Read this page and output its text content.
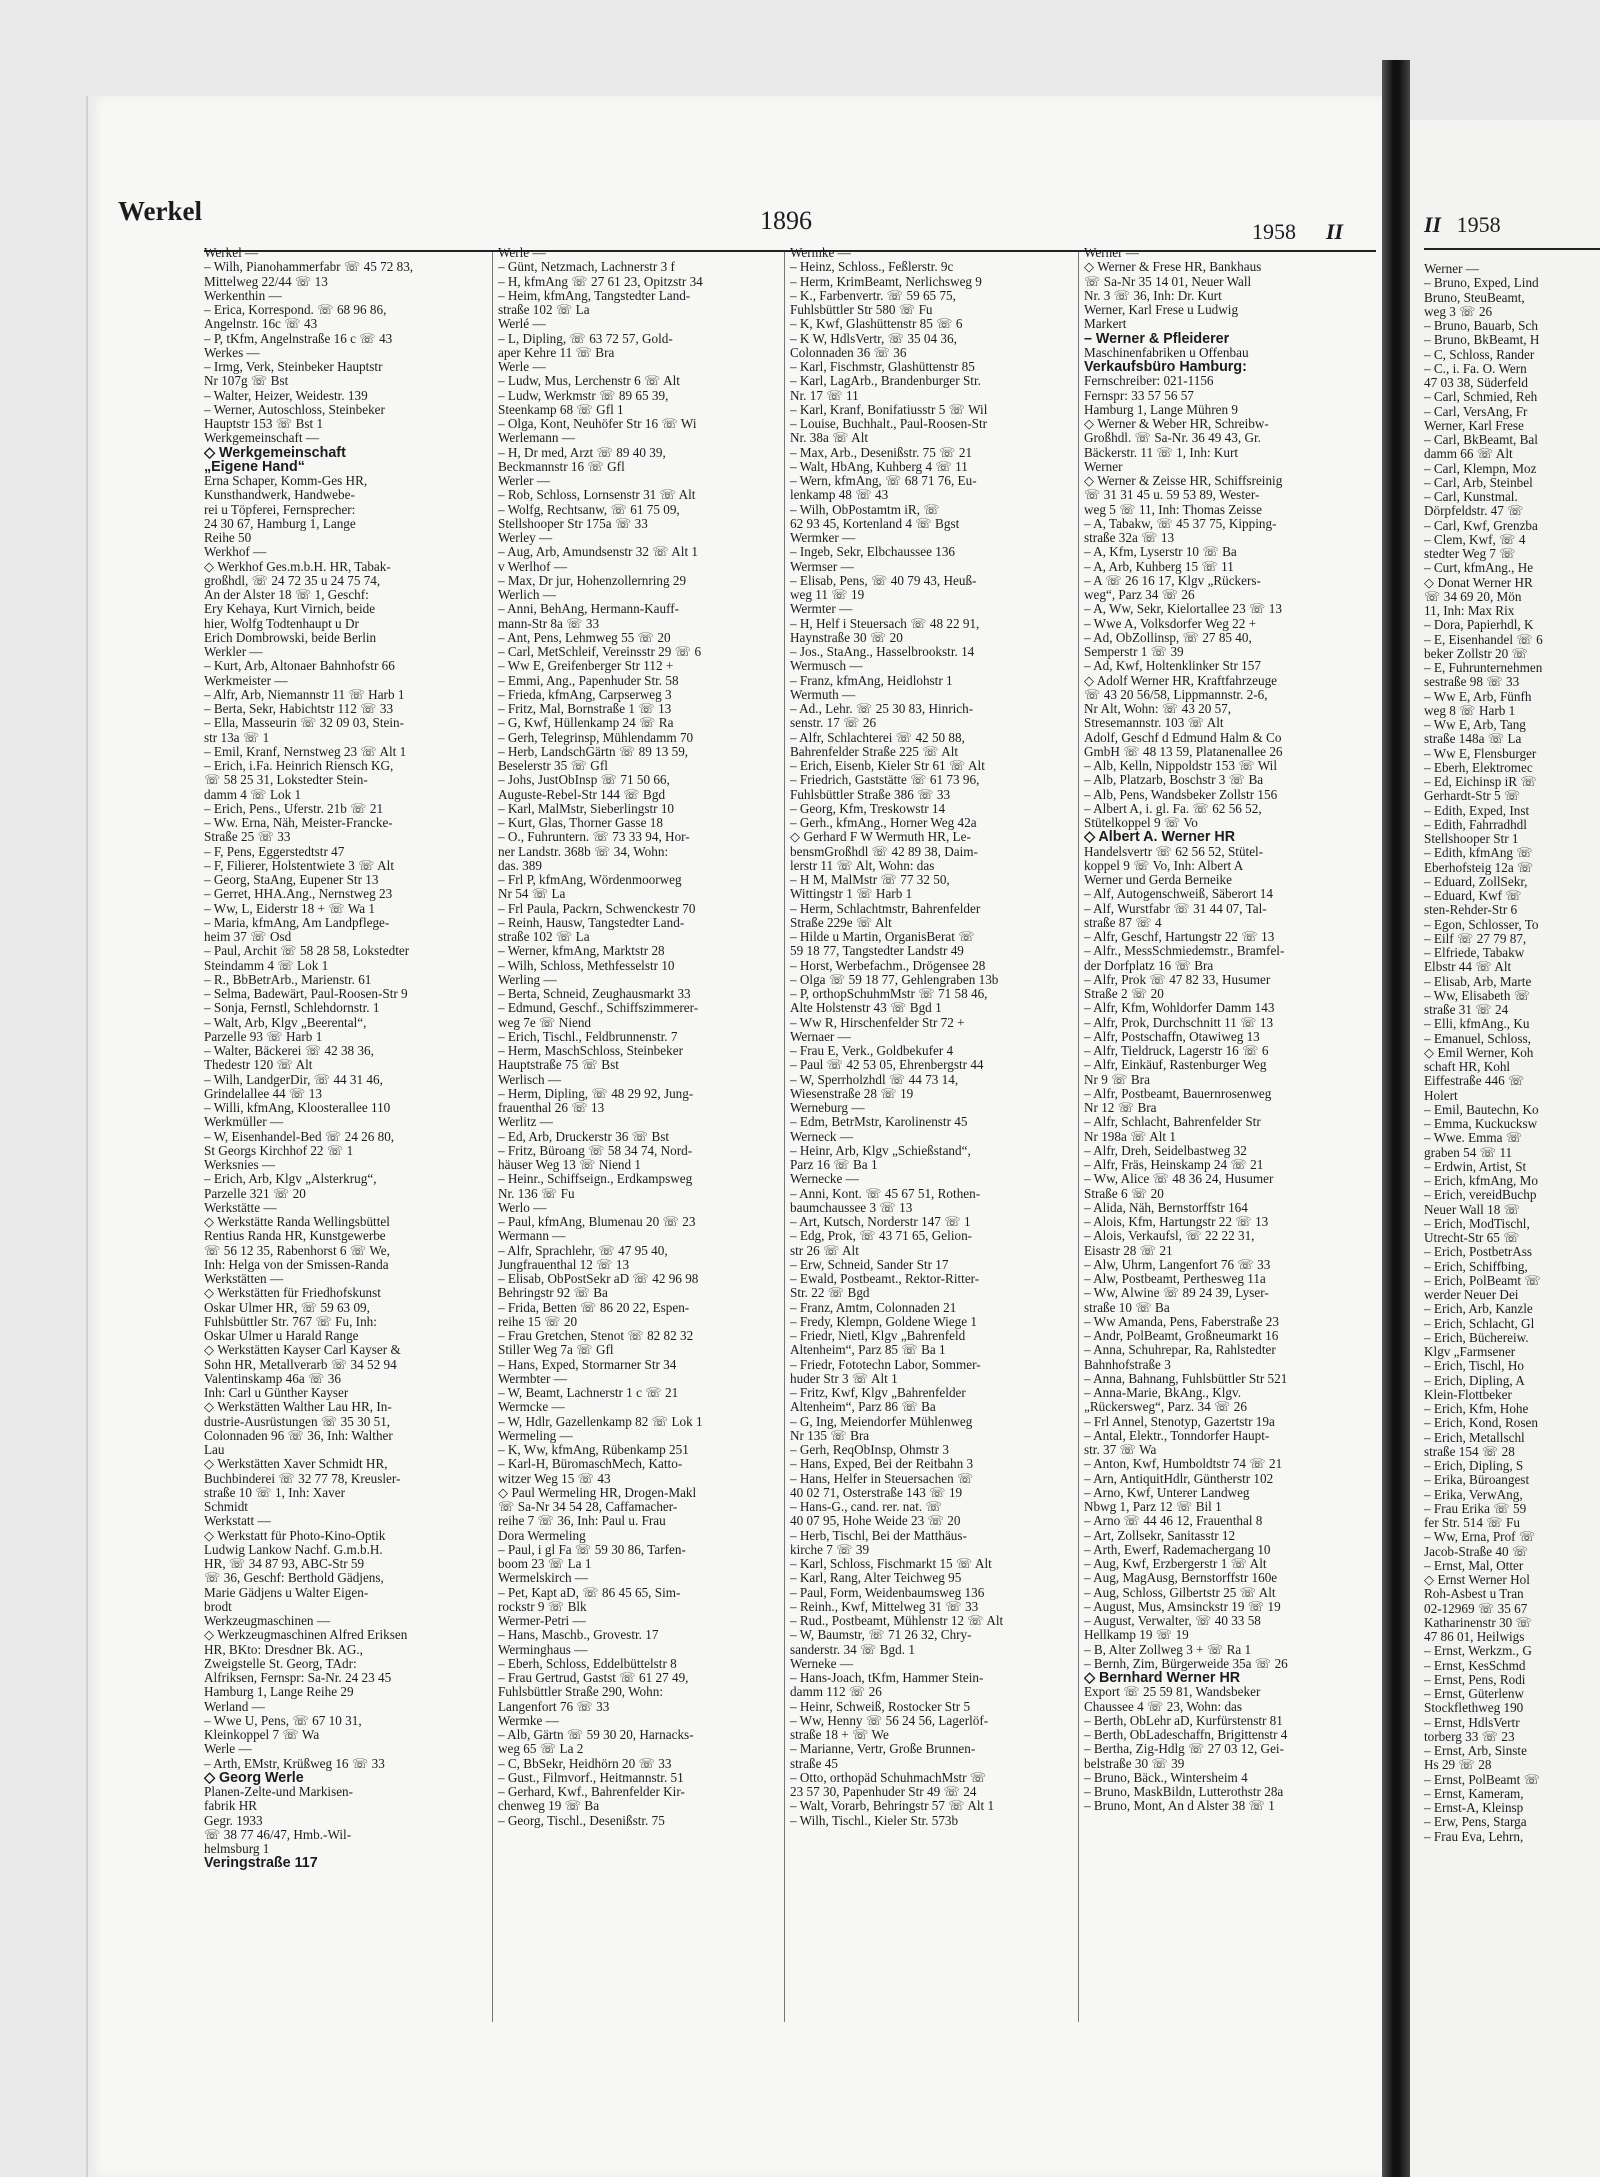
Werkel	1896	1958 II
Werkel —
– Wilh, Pianohammerfabr ☏ 45 72 83,
Mittelweg 22/44 ☏ 13
Werkenthin —
– Erica, Korrespond. ☏ 68 96 86,
Angelnstr. 16c ☏ 43
– P, tKfm, Angelnstraße 16 c ☏ 43
Werkes —
– Irmg, Verk, Steinbeker Hauptstr
Nr 107g ☏ Bst
– Walter, Heizer, Weidestr. 139
– Werner, Autoschloss, Steinbeker
Hauptstr 153 ☏ Bst 1
Werkgemeinschaft —
◇ Werkgemeinschaft
„Eigene Hand“
Erna Schaper, Komm-Ges HR,
Kunsthandwerk, Handwebe-
rei u Töpferei, Fernsprecher:
24 30 67, Hamburg 1, Lange
Reihe 50
Werkhof —
◇ Werkhof Ges.m.b.H. HR, Tabak-
großhdl, ☏ 24 72 35 u 24 75 74,
An der Alster 18 ☏ 1, Geschf:
Ery Kehaya, Kurt Virnich, beide
hier, Wolfg Todtenhaupt u Dr
Erich Dombrowski, beide Berlin
Werkler —
– Kurt, Arb, Altonaer Bahnhofstr 66
Werkmeister —
– Alfr, Arb, Niemannstr 11 ☏ Harb 1
– Berta, Sekr, Habichtstr 112 ☏ 33
– Ella, Masseurin ☏ 32 09 03, Stein-
str 13a ☏ 1
– Emil, Kranf, Nernstweg 23 ☏ Alt 1
– Erich, i.Fa. Heinrich Riensch KG,
☏ 58 25 31, Lokstedter Stein-
damm 4 ☏ Lok 1
– Erich, Pens., Uferstr. 21b ☏ 21
– Ww. Erna, Näh, Meister-Francke-
Straße 25 ☏ 33
– F, Pens, Eggerstedtstr 47
– F, Filierer, Holstentwiete 3 ☏ Alt
– Georg, StaAng, Eupener Str 13
– Gerret, HHA.Ang., Nernstweg 23
– Ww, L, Eiderstr 18 + ☏ Wa 1
– Maria, kfmAng, Am Landpflege-
heim 37 ☏ Osd
– Paul, Archit ☏ 58 28 58, Lokstedter
Steindamm 4 ☏ Lok 1
– R., BbBetrArb., Marienstr. 61
– Selma, Badewärt, Paul-Roosen-Str 9
– Sonja, Fernstl, Schlehdornstr. 1
– Walt, Arb, Klgv „Beerental“,
Parzelle 93 ☏ Harb 1
– Walter, Bäckerei ☏ 42 38 36,
Thedestr 120 ☏ Alt
– Wilh, LandgerDir, ☏ 44 31 46,
Grindelallee 44 ☏ 13
– Willi, kfmAng, Kloosterallee 110
Werkmüller —
– W, Eisenhandel-Bed ☏ 24 26 80,
St Georgs Kirchhof 22 ☏ 1
Werksnies —
– Erich, Arb, Klgv „Alsterkrug“,
Parzelle 321 ☏ 20
Werkstätte —
◇ Werkstätte Randa Wellingsbüttel
Rentius Randa HR, Kunstgewerbe
☏ 56 12 35, Rabenhorst 6 ☏ We,
Inh: Helga von der Smissen-Randa
Werkstätten —
◇ Werkstätten für Friedhofskunst
Oskar Ulmer HR, ☏ 59 63 09,
Fuhlsbüttler Str. 767 ☏ Fu, Inh:
Oskar Ulmer u Harald Range
◇ Werkstätten Kayser Carl Kayser &
Sohn HR, Metallverarb ☏ 34 52 94
Valentinskamp 46a ☏ 36
Inh: Carl u Günther Kayser
◇ Werkstätten Walther Lau HR, In-
dustrie-Ausrüstungen ☏ 35 30 51,
Colonnaden 96 ☏ 36, Inh: Walther
Lau
◇ Werkstätten Xaver Schmidt HR,
Buchbinderei ☏ 32 77 78, Kreusler-
straße 10 ☏ 1, Inh: Xaver
Schmidt
Werkstatt —
◇ Werkstatt für Photo-Kino-Optik
Ludwig Lankow Nachf. G.m.b.H.
HR, ☏ 34 87 93, ABC-Str 59
☏ 36, Geschf: Berthold Gädjens,
Marie Gädjens u Walter Eigen-
brodt
Werkzeugmaschinen —
◇ Werkzeugmaschinen Alfred Eriksen
HR, BKto: Dresdner Bk. AG.,
Zweigstelle St. Georg, TAdr:
Alfriksen, Fernspr: Sa-Nr. 24 23 45
Hamburg 1, Lange Reihe 29
Werland —
– Wwe U, Pens, ☏ 67 10 31,
Kleinkoppel 7 ☏ Wa
Werle —
– Arth, EMstr, Krüßweg 16 ☏ 33
◇ Georg Werle
Planen-Zelte-und Markisen-
fabrik HR
Gegr. 1933
☏ 38 77 46/47, Hmb.-Wil-
helmsburg 1
Veringstraße 117
Werle —
– Günt, Netzmach, Lachnerstr 3 f
– H, kfmAng ☏ 27 61 23, Opitzstr 34
– Heim, kfmAng, Tangstedter Land-
straße 102 ☏ La
Werlé —
– L, Dipling, ☏ 63 72 57, Gold-
aper Kehre 11 ☏ Bra
Werle —
– Ludw, Mus, Lerchenstr 6 ☏ Alt
– Ludw, Werkmstr ☏ 89 65 39,
Steenkamp 68 ☏ Gfl 1
– Olga, Kont, Neuhöfer Str 16 ☏ Wi
Werlemann —
– H, Dr med, Arzt ☏ 89 40 39,
Beckmannstr 16 ☏ Gfl
Werler —
– Rob, Schloss, Lornsenstr 31 ☏ Alt
– Wolfg, Rechtsanw, ☏ 61 75 09,
Stellshooper Str 175a ☏ 33
Werley —
– Aug, Arb, Amundsenstr 32 ☏ Alt 1
v Werlhof —
– Max, Dr jur, Hohenzollernring 29
Werlich —
– Anni, BehAng, Hermann-Kauff-
mann-Str 8a ☏ 33
– Ant, Pens, Lehmweg 55 ☏ 20
– Carl, MetSchleif, Vereinsstr 29 ☏ 6
– Ww E, Greifenberger Str 112 +
– Emmi, Ang., Papenhuder Str. 58
– Frieda, kfmAng, Carpserweg 3
– Fritz, Mal, Bornstraße 1 ☏ 13
– G, Kwf, Hüllenkamp 24 ☏ Ra
– Gerh, Telegrinsp, Mühlendamm 70
– Herb, LandschGärtn ☏ 89 13 59,
Beselerstr 35 ☏ Gfl
– Johs, JustObInsp ☏ 71 50 66,
Auguste-Rebel-Str 144 ☏ Bgd
– Karl, MalMstr, Sieberlingstr 10
– Kurt, Glas, Thorner Gasse 18
– O., Fuhruntern. ☏ 73 33 94, Hor-
ner Landstr. 368b ☏ 34, Wohn:
das. 389
– Frl P, kfmAng, Wördenmoorweg
Nr 54 ☏ La
– Frl Paula, Packrn, Schwenckestr 70
– Reinh, Hausw, Tangstedter Land-
straße 102 ☏ La
– Werner, kfmAng, Marktstr 28
– Wilh, Schloss, Methfesselstr 10
Werling —
– Berta, Schneid, Zeughausmarkt 33
– Edmund, Geschf., Schiffszimmerer-
weg 7e ☏ Niend
– Erich, Tischl., Feldbrunnenstr. 7
– Herm, MaschSchloss, Steinbeker
Hauptstraße 75 ☏ Bst
Werlisch —
– Herm, Dipling, ☏ 48 29 92, Jung-
frauenthal 26 ☏ 13
Werlitz —
– Ed, Arb, Druckerstr 36 ☏ Bst
– Fritz, Büroang ☏ 58 34 74, Nord-
häuser Weg 13 ☏ Niend 1
– Heinr., Schiffseign., Erdkampsweg
Nr. 136 ☏ Fu
Werlo —
– Paul, kfmAng, Blumenau 20 ☏ 23
Wermann —
– Alfr, Sprachlehr, ☏ 47 95 40,
Jungfrauenthal 12 ☏ 13
– Elisab, ObPostSekr aD ☏ 42 96 98
Behringstr 92 ☏ Ba
– Frida, Betten ☏ 86 20 22, Espen-
reihe 15 ☏ 20
– Frau Gretchen, Stenot ☏ 82 82 32
Stiller Weg 7a ☏ Gfl
– Hans, Exped, Stormarner Str 34
Wermbter —
– W, Beamt, Lachnerstr 1 c ☏ 21
Wermcke —
– W, Hdlr, Gazellenkamp 82 ☏ Lok 1
Wermeling —
– K, Ww, kfmAng, Rübenkamp 251
– Karl-H, BüromaschMech, Katto-
witzer Weg 15 ☏ 43
◇ Paul Wermeling HR, Drogen-Makl
☏ Sa-Nr 34 54 28, Caffamacher-
reihe 7 ☏ 36, Inh: Paul u. Frau
Dora Wermeling
– Paul, i gl Fa ☏ 59 30 86, Tarfen-
boom 23 ☏ La 1
Wermelskirch —
– Pet, Kapt aD, ☏ 86 45 65, Sim-
rockstr 9 ☏ Blk
Wermer-Petri —
– Hans, Maschb., Grovestr. 17
Werminghaus —
– Eberh, Schloss, Eddelbüttelstr 8
– Frau Gertrud, Gastst ☏ 61 27 49,
Fuhlsbüttler Straße 290, Wohn:
Langenfort 76 ☏ 33
Wermke —
– Alb, Gärtn ☏ 59 30 20, Harnacks-
weg 65 ☏ La 2
– C, BbSekr, Heidhörn 20 ☏ 33
– Gust., Filmvorf., Heitmannstr. 51
– Gerhard, Kwf., Bahrenfelder Kir-
chenweg 19 ☏ Ba
– Georg, Tischl., Desenißstr. 75
Wermke —
– Heinz, Schloss., Feßlerstr. 9c
– Herm, KrimBeamt, Nerlichsweg 9
– K., Farbenvertr. ☏ 59 65 75,
Fuhlsbüttler Str 580 ☏ Fu
– K, Kwf, Glashüttenstr 85 ☏ 6
– K W, HdlsVertr, ☏ 35 04 36,
Colonnaden 36 ☏ 36
– Karl, Fischmstr, Glashüttenstr 85
– Karl, LagArb., Brandenburger Str.
Nr. 17 ☏ 11
– Karl, Kranf, Bonifatiusstr 5 ☏ Wil
– Louise, Buchhalt., Paul-Roosen-Str
Nr. 38a ☏ Alt
– Max, Arb., Desenißstr. 75 ☏ 21
– Walt, HbAng, Kuhberg 4 ☏ 11
– Wern, kfmAng, ☏ 68 71 76, Eu-
lenkamp 48 ☏ 43
– Wilh, ObPostamtm iR, ☏
62 93 45, Kortenland 4 ☏ Bgst
Wermker —
– Ingeb, Sekr, Elbchaussee 136
Wermser —
– Elisab, Pens, ☏ 40 79 43, Heuß-
weg 11 ☏ 19
Wermter —
– H, Helf i Steuersach ☏ 48 22 91,
Haynstraße 30 ☏ 20
– Jos., StaAng., Hasselbrookstr. 14
Wermusch —
– Franz, kfmAng, Heidlohstr 1
Wermuth —
– Ad., Lehr. ☏ 25 30 83, Hinrich-
senstr. 17 ☏ 26
– Alfr, Schlachterei ☏ 42 50 88,
Bahrenfelder Straße 225 ☏ Alt
– Erich, Eisenb, Kieler Str 61 ☏ Alt
– Friedrich, Gaststätte ☏ 61 73 96,
Fuhlsbüttler Straße 386 ☏ 33
– Georg, Kfm, Treskowstr 14
– Gerh., kfmAng., Horner Weg 42a
◇ Gerhard F W Wermuth HR, Le-
bensmGroßhdl ☏ 42 89 38, Daim-
lerstr 11 ☏ Alt, Wohn: das
– H M, MalMstr ☏ 77 32 50,
Wittingstr 1 ☏ Harb 1
– Herm, Schlachtmstr, Bahrenfelder
Straße 229e ☏ Alt
– Hilde u Martin, OrganisBerat ☏
59 18 77, Tangstedter Landstr 49
– Horst, Werbefachm., Drögensee 28
– Olga ☏ 59 18 77, Gehlengraben 13b
– P, orthopSchuhmMstr ☏ 71 58 46,
Alte Holstenstr 43 ☏ Bgd 1
– Ww R, Hirschenfelder Str 72 +
Wernaer —
– Frau E, Verk., Goldbekufer 4
– Paul ☏ 42 53 05, Ehrenbergstr 44
– W, Sperrholzhdl ☏ 44 73 14,
Wiesenstraße 28 ☏ 19
Werneburg —
– Edm, BetrMstr, Karolinenstr 45
Werneck —
– Heinr, Arb, Klgv „Schießstand“,
Parz 16 ☏ Ba 1
Wernecke —
– Anni, Kont. ☏ 45 67 51, Rothen-
baumchaussee 3 ☏ 13
– Art, Kutsch, Norderstr 147 ☏ 1
– Edg, Prok, ☏ 43 71 65, Gelion-
str 26 ☏ Alt
– Erw, Schneid, Sander Str 17
– Ewald, Postbeamt., Rektor-Ritter-
Str. 22 ☏ Bgd
– Franz, Amtm, Colonnaden 21
– Fredy, Klempn, Goldene Wiege 1
– Friedr, Nietl, Klgv „Bahrenfeld
Altenheim“, Parz 85 ☏ Ba 1
– Friedr, Fototechn Labor, Sommer-
huder Str 3 ☏ Alt 1
– Fritz, Kwf, Klgv „Bahrenfelder
Altenheim“, Parz 86 ☏ Ba
– G, Ing, Meiendorfer Mühlenweg
Nr 135 ☏ Bra
– Gerh, ReqObInsp, Ohmstr 3
– Hans, Exped, Bei der Reitbahn 3
– Hans, Helfer in Steuersachen ☏
40 02 71, Osterstraße 143 ☏ 19
– Hans-G., cand. rer. nat. ☏
40 07 95, Hohe Weide 23 ☏ 20
– Herb, Tischl, Bei der Matthäus-
kirche 7 ☏ 39
– Karl, Schloss, Fischmarkt 15 ☏ Alt
– Karl, Rang, Alter Teichweg 95
– Paul, Form, Weidenbaumsweg 136
– Reinh., Kwf, Mittelweg 31 ☏ 33
– Rud., Postbeamt, Mühlenstr 12 ☏ Alt
– W, Baumstr, ☏ 71 26 32, Chry-
sanderstr. 34 ☏ Bgd. 1
Werneke —
– Hans-Joach, tKfm, Hammer Stein-
damm 112 ☏ 26
– Heinr, Schweiß, Rostocker Str 5
– Ww, Henny ☏ 56 24 56, Lagerlöf-
straße 18 + ☏ We
– Marianne, Vertr, Große Brunnen-
straße 45
– Otto, orthopäd SchuhmachMstr ☏
23 57 30, Papenhuder Str 49 ☏ 24
– Walt, Vorarb, Behringstr 57 ☏ Alt 1
– Wilh, Tischl., Kieler Str. 573b
Werner —
◇ Werner & Frese HR, Bankhaus
☏ Sa-Nr 35 14 01, Neuer Wall
Nr. 3 ☏ 36, Inh: Dr. Kurt
Werner, Karl Frese u Ludwig
Markert
– Werner & Pfleiderer
Maschinenfabriken u Offenbau
Verkaufsbüro Hamburg:
Fernschreiber: 021-1156
Fernspr: 33 57 56 57
Hamburg 1, Lange Mühren 9
◇ Werner & Weber HR, Schreibw-
Großhdl. ☏ Sa-Nr. 36 49 43, Gr.
Bäckerstr. 11 ☏ 1, Inh: Kurt
Werner
◇ Werner & Zeisse HR, Schiffsreinig
☏ 31 31 45 u. 59 53 89, Wester-
weg 5 ☏ 11, Inh: Thomas Zeisse
– A, Tabakw, ☏ 45 37 75, Kipping-
straße 32a ☏ 13
– A, Kfm, Lyserstr 10 ☏ Ba
– A, Arb, Kuhberg 15 ☏ 11
– A ☏ 26 16 17, Klgv „Rückers-
weg“, Parz 34 ☏ 26
– A, Ww, Sekr, Kielortallee 23 ☏ 13
– Wwe A, Volksdorfer Weg 22 +
– Ad, ObZollinsp, ☏ 27 85 40,
Semperstr 1 ☏ 39
– Ad, Kwf, Holtenklinker Str 157
◇ Adolf Werner HR, Kraftfahrzeuge
☏ 43 20 56/58, Lippmannstr. 2-6,
Nr Alt, Wohn: ☏ 43 20 57,
Stresemannstr. 103 ☏ Alt
Adolf, Geschf d Edmund Halm & Co
GmbH ☏ 48 13 59, Platanenallee 26
– Alb, Kelln, Nippoldstr 153 ☏ Wil
– Alb, Platzarb, Boschstr 3 ☏ Ba
– Alb, Pens, Wandsbeker Zollstr 156
– Albert A, i. gl. Fa. ☏ 62 56 52,
Stütelkoppel 9 ☏ Vo
◇ Albert A. Werner HR
Handelsvertr ☏ 62 56 52, Stütel-
koppel 9 ☏ Vo, Inh: Albert A
Werner und Gerda Berneike
– Alf, Autogenschweiß, Säberort 14
– Alf, Wurstfabr ☏ 31 44 07, Tal-
straße 87 ☏ 4
– Alfr, Geschf, Hartungstr 22 ☏ 13
– Alfr., MessSchmiedemstr., Bramfel-
der Dorfplatz 16 ☏ Bra
– Alfr, Prok ☏ 47 82 33, Husumer
Straße 2 ☏ 20
– Alfr, Kfm, Wohldorfer Damm 143
– Alfr, Prok, Durchschnitt 11 ☏ 13
– Alfr, Postschaffn, Otawiweg 13
– Alfr, Tieldruck, Lagerstr 16 ☏ 6
– Alfr, Einkäuf, Rastenburger Weg
Nr 9 ☏ Bra
– Alfr, Postbeamt, Bauernrosenweg
Nr 12 ☏ Bra
– Alfr, Schlacht, Bahrenfelder Str
Nr 198a ☏ Alt 1
– Alfr, Dreh, Seidelbastweg 32
– Alfr, Fräs, Heinskamp 24 ☏ 21
– Ww, Alice ☏ 48 36 24, Husumer
Straße 6 ☏ 20
– Alida, Näh, Bernstorffstr 164
– Alois, Kfm, Hartungstr 22 ☏ 13
– Alois, Verkaufsl, ☏ 22 22 31,
Eisastr 28 ☏ 21
– Alw, Uhrm, Langenfort 76 ☏ 33
– Alw, Postbeamt, Perthesweg 11a
– Ww, Alwine ☏ 89 24 39, Lyser-
straße 10 ☏ Ba
– Ww Amanda, Pens, Faberstraße 23
– Andr, PolBeamt, Großneumarkt 16
– Anna, Schuhrepar, Ra, Rahlstedter
Bahnhofstraße 3
– Anna, Bahnang, Fuhlsbüttler Str 521
– Anna-Marie, BkAng., Klgv.
„Rückersweg“, Parz. 34 ☏ 26
– Frl Annel, Stenotyp, Gazertstr 19a
– Antal, Elektr., Tonndorfer Haupt-
str. 37 ☏ Wa
– Anton, Kwf, Humboldtstr 74 ☏ 21
– Arn, AntiquitHdlr, Güntherstr 102
– Arno, Kwf, Unterer Landweg
Nbwg 1, Parz 12 ☏ Bil 1
– Arno ☏ 44 46 12, Frauenthal 8
– Art, Zollsekr, Sanitasstr 12
– Arth, Ewerf, Rademachergang 10
– Aug, Kwf, Erzbergerstr 1 ☏ Alt
– Aug, MagAusg, Bernstorffstr 160e
– Aug, Schloss, Gilbertstr 25 ☏ Alt
– August, Mus, Amsinckstr 19 ☏ 19
– August, Verwalter, ☏ 40 33 58
Hellkamp 19 ☏ 19
– B, Alter Zollweg 3 + ☏ Ra 1
– Bernh, Zim, Bürgerweide 35a ☏ 26
◇ Bernhard Werner HR
Export ☏ 25 59 81, Wandsbeker
Chaussee 4 ☏ 23, Wohn: das
– Berth, ObLehr aD, Kurfürstenstr 81
– Berth, ObLadeschaffn, Brigittenstr 4
– Bertha, Zig-Hdlg ☏ 27 03 12, Gei-
belstraße 30 ☏ 39
– Bruno, Bäck., Wintersheim 4
– Bruno, MaskBildn, Lutterothstr 28a
– Bruno, Mont, An d Alster 38 ☏ 1
II 1958
Werner —
– Bruno, Exped, Lind
Bruno, SteuBeamt,
weg 3 ☏ 26
– Bruno, Bauarb, Sch
– Bruno, BkBeamt, H
– C, Schloss, Rander
– C., i. Fa. O. Wern
47 03 38, Süderfeld
– Carl, Schmied, Reh
– Carl, VersAng, Fr
Werner, Karl Frese
– Carl, BkBeamt, Bal
damm 66 ☏ Alt
– Carl, Klempn, Moz
– Carl, Arb, Steinbel
– Carl, Kunstmal.
Dörpfeldstr. 47 ☏
– Carl, Kwf, Grenzba
– Clem, Kwf, ☏ 4
stedter Weg 7 ☏
– Curt, kfmAng., He
◇ Donat Werner HR
☏ 34 69 20, Mön
11, Inh: Max Rix
– Dora, Papierhdl, K
– E, Eisenhandel ☏ 6
beker Zollstr 20 ☏
– E, Fuhrunternehmen
sestraße 98 ☏ 33
– Ww E, Arb, Fünfh
weg 8 ☏ Harb 1
– Ww E, Arb, Tang
straße 148a ☏ La
– Ww E, Flensburger
– Eberh, Elektromec
– Ed, Eichinsp iR ☏
Gerhardt-Str 5 ☏
– Edith, Exped, Inst
– Edith, Fahrradhdl
Stellshooper Str 1
– Edith, kfmAng ☏
Eberhofsteig 12a ☏
– Eduard, ZollSekr,
– Eduard, Kwf ☏
sten-Rehder-Str 6
– Egon, Schlosser, To
– Eilf ☏ 27 79 87,
– Elfriede, Tabakw
Elbstr 44 ☏ Alt
– Elisab, Arb, Marte
– Ww, Elisabeth ☏
straße 31 ☏ 24
– Elli, kfmAng., Ku
– Emanuel, Schloss,
◇ Emil Werner, Koh
schaft HR, Kohl
Eiffestraße 446 ☏
Holert
– Emil, Bautechn, Ko
– Emma, Kuckucksw
– Wwe. Emma ☏
graben 54 ☏ 11
– Erdwin, Artist, St
– Erich, kfmAng, Mo
– Erich, vereidBuchp
Neuer Wall 18 ☏
– Erich, ModTischl,
Utrecht-Str 65 ☏
– Erich, PostbetrAss
– Erich, Schiffbing,
– Erich, PolBeamt ☏
werder Neuer Dei
– Erich, Arb, Kanzle
– Erich, Schlacht, Gl
– Erich, Büchereiw.
Klgv „Farmsener
– Erich, Tischl, Ho
– Erich, Dipling, A
Klein-Flottbeker
– Erich, Kfm, Hohe
– Erich, Kond, Rosen
– Erich, Metallschl
straße 154 ☏ 28
– Erich, Dipling, S
– Erika, Büroangest
– Erika, VerwAng,
– Frau Erika ☏ 59
fer Str. 514 ☏ Fu
– Ww, Erna, Prof ☏
Jacob-Straße 40 ☏
– Ernst, Mal, Otter
◇ Ernst Werner Hol
Roh-Asbest u Tran
02-12969 ☏ 35 67
Katharinenstr 30 ☏
47 86 01, Heilwigs
– Ernst, Werkzm., G
– Ernst, KesSchmd
– Ernst, Pens, Rodi
– Ernst, Güterlenw
Stockflethweg 190
– Ernst, HdlsVertr
torberg 33 ☏ 23
– Ernst, Arb, Sinste
Hs 29 ☏ 28
– Ernst, PolBeamt ☏
– Ernst, Kameram,
– Ernst-A, Kleinsp
– Erw, Pens, Starga
– Frau Eva, Lehrn,
